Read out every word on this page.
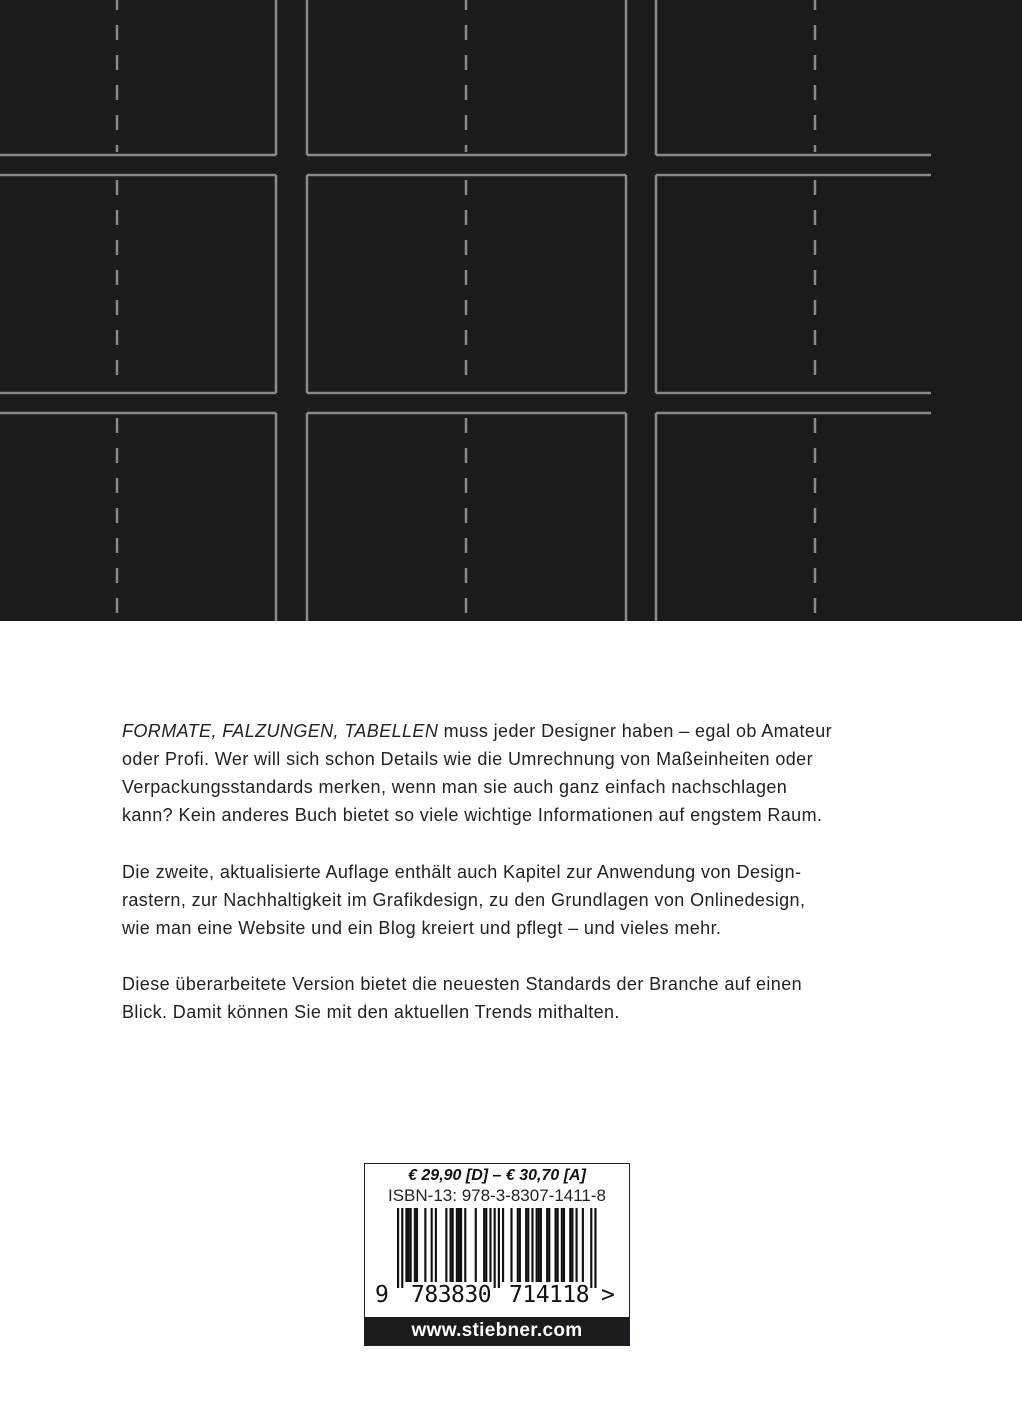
FORMATE, FALZUNGEN, TABELLEN muss jeder Designer haben – egal ob Amateur
oder Profi. Wer will sich schon Details wie die Umrechnung von Maßeinheiten oder
Verpackungsstandards merken, wenn man sie auch ganz einfach nachschlagen
kann? Kein anderes Buch bietet so viele wichtige Informationen auf engstem Raum.
Die zweite, aktualisierte Auflage enthält auch Kapitel zur Anwendung von Design-
rastern, zur Nachhaltigkeit im Grafikdesign, zu den Grundlagen von Onlinedesign,
wie man eine Website und ein Blog kreiert und pflegt – und vieles mehr.
Diese überarbeitete Version bietet die neuesten Standards der Branche auf einen
Blick. Damit können Sie mit den aktuellen Trends mithalten.
€ 29,90 [D] – € 30,70 [A]
ISBN-13: 978-3-8307-1411-8
9 783830 714118 >
www.stiebner.com
